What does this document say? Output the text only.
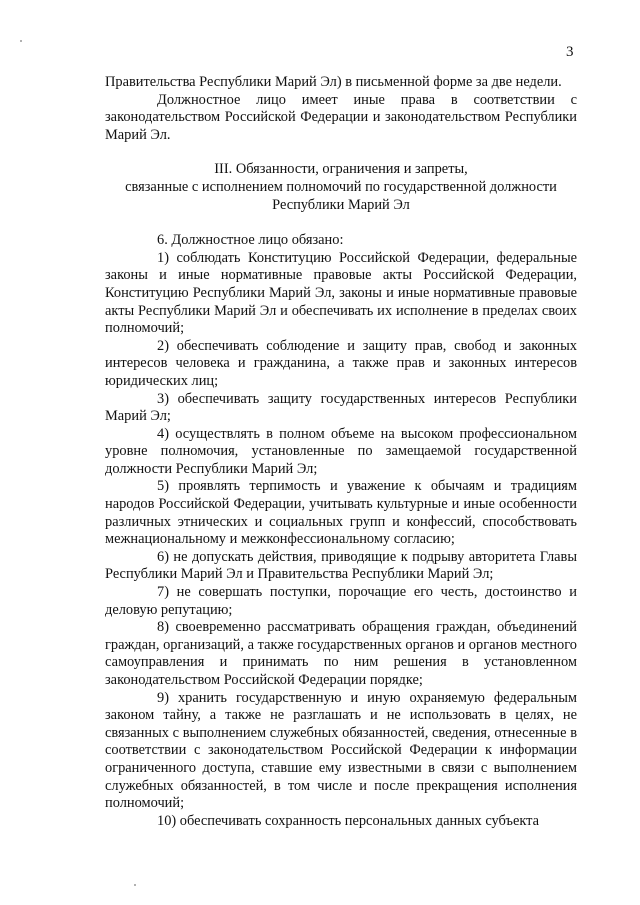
3

Правительства Республики Марий Эл) в письменной форме за две недели.

Должностное лицо имеет иные права в соответствии с законодательством Российской Федерации и законодательством Республики Марий Эл.

III. Обязанности, ограничения и запреты,

связанные с исполнением полномочий по государственной должности

Республики Марий Эл

6. Должностное лицо обязано:

1) соблюдать Конституцию Российской Федерации, федеральные законы и иные нормативные правовые акты Российской Федерации, Конституцию Республики Марий Эл, законы и иные нормативные правовые акты Республики Марий Эл и обеспечивать их исполнение в пределах своих полномочий;

2) обеспечивать соблюдение и защиту прав, свобод и законных интересов человека и гражданина, а также прав и законных интересов юридических лиц;

3) обеспечивать защиту государственных интересов Республики Марий Эл;

4) осуществлять в полном объеме на высоком профессиональном уровне полномочия, установленные по замещаемой государственной должности Республики Марий Эл;

5) проявлять терпимость и уважение к обычаям и традициям народов Российской Федерации, учитывать культурные и иные особенности различных этнических и социальных групп и конфессий, способствовать межнациональному и межконфессиональному согласию;

6) не допускать действия, приводящие к подрыву авторитета Главы Республики Марий Эл и Правительства Республики Марий Эл;

7) не совершать поступки, порочащие его честь, достоинство и деловую репутацию;

8) своевременно рассматривать обращения граждан, объединений граждан, организаций, а также государственных органов и органов местного самоуправления и принимать по ним решения в установленном законодательством Российской Федерации порядке;

9) хранить государственную и иную охраняемую федеральным законом тайну, а также не разглашать и не использовать в целях, не связанных с выполнением служебных обязанностей, сведения, отнесенные в соответствии с законодательством Российской Федерации к информации ограниченного доступа, ставшие ему известными в связи с выполнением служебных обязанностей, в том числе и после прекращения исполнения полномочий;

10) обеспечивать сохранность персональных данных субъекта
